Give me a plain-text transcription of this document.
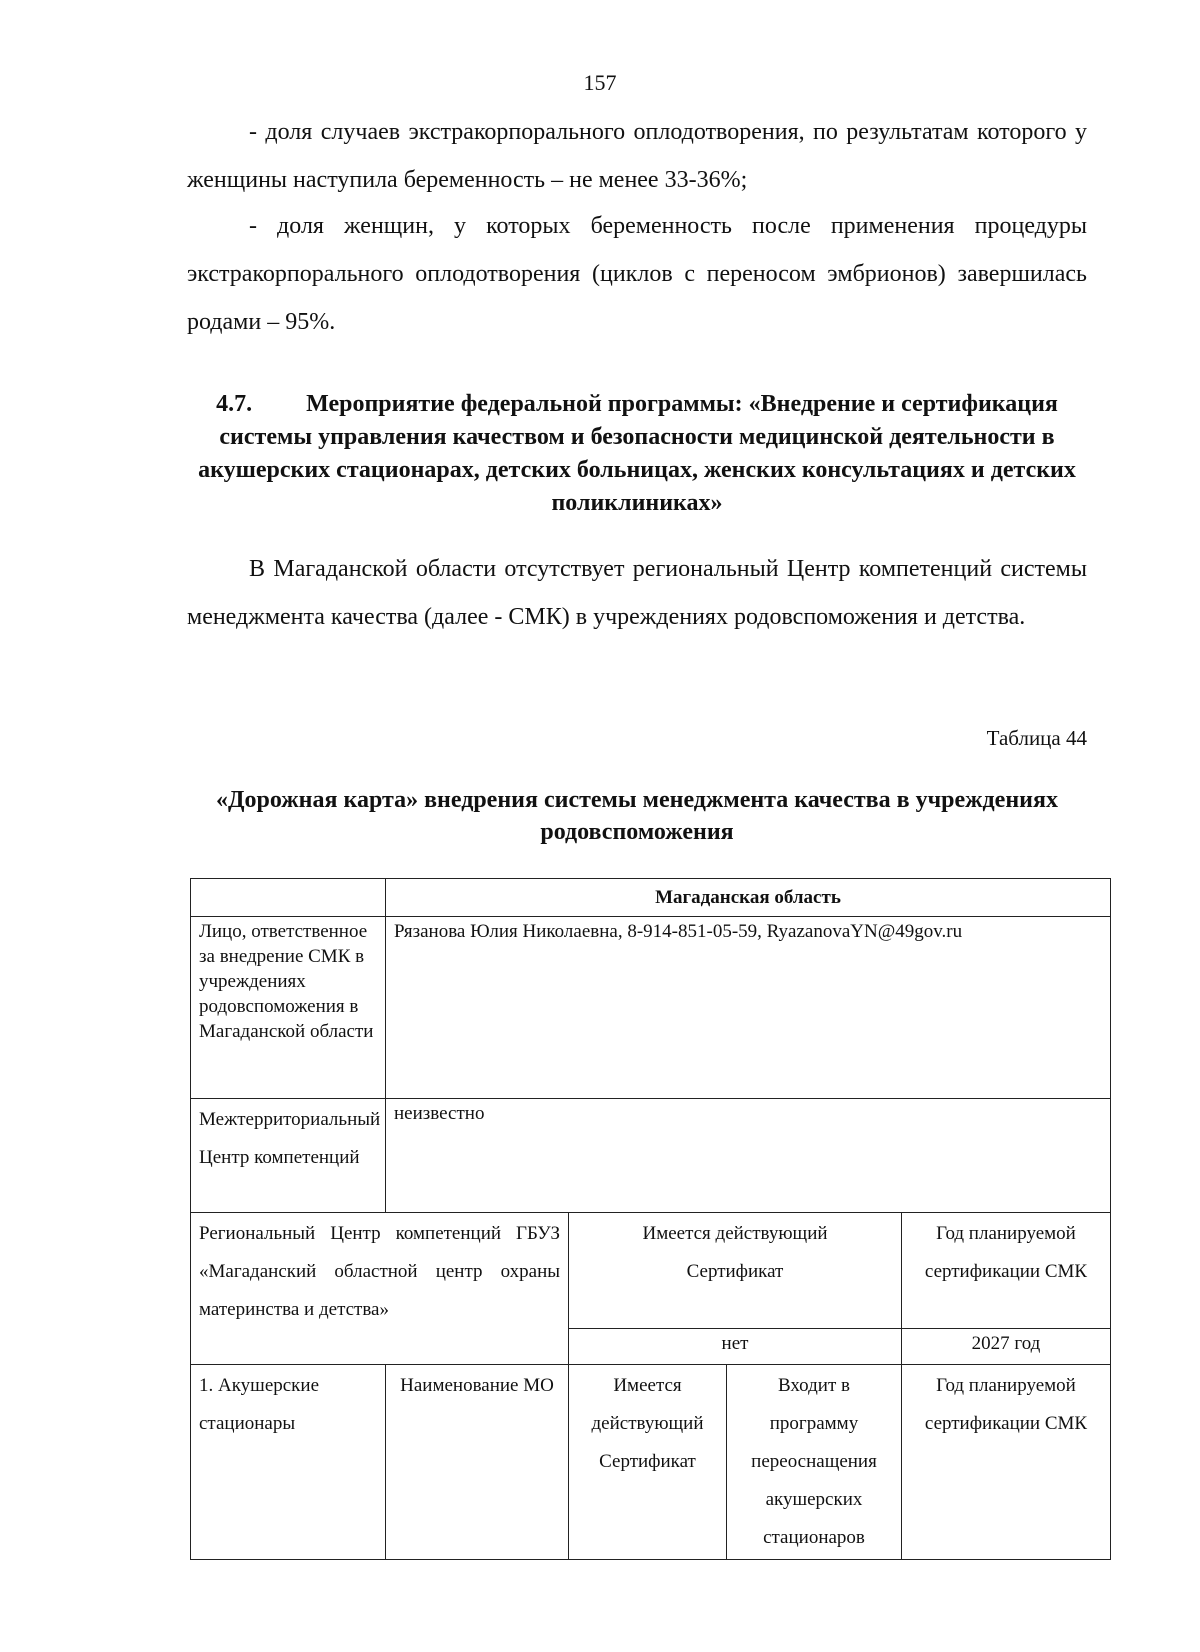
157
- доля случаев экстракорпорального оплодотворения, по результатам которого у женщины наступила беременность – не менее 33-36%;
- доля женщин, у которых беременность после применения процедуры экстракорпорального оплодотворения (циклов с переносом эмбрионов) завершилась родами – 95%.
4.7. Мероприятие федеральной программы: «Внедрение и сертификация системы управления качеством и безопасности медицинской деятельности в акушерских стационарах, детских больницах, женских консультациях и детских поликлиниках»
В Магаданской области отсутствует региональный Центр компетенций системы менеджмента качества (далее - СМК) в учреждениях родовспоможения и детства.
Таблица 44
«Дорожная карта» внедрения системы менеджмента качества в учреждениях родовспоможения
	Магаданская область			
Лицо, ответственное за внедрение СМК в учреждениях родовспоможения в Магаданской области	Рязанова Юлия Николаевна, 8-914-851-05-59, RyazanovaYN@49gov.ru			
Межтерриториальный Центр компетенций	неизвестно			
Региональный Центр компетенций ГБУЗ «Магаданский областной центр охраны материнства и детства»		Имеется действующий Сертификат		Год планируемой сертификации СМК
		нет		2027 год
1. Акушерские стационары	Наименование МО	Имеется действующий Сертификат	Входит в программу переоснащения акушерских стационаров	Год планируемой сертификации СМК
